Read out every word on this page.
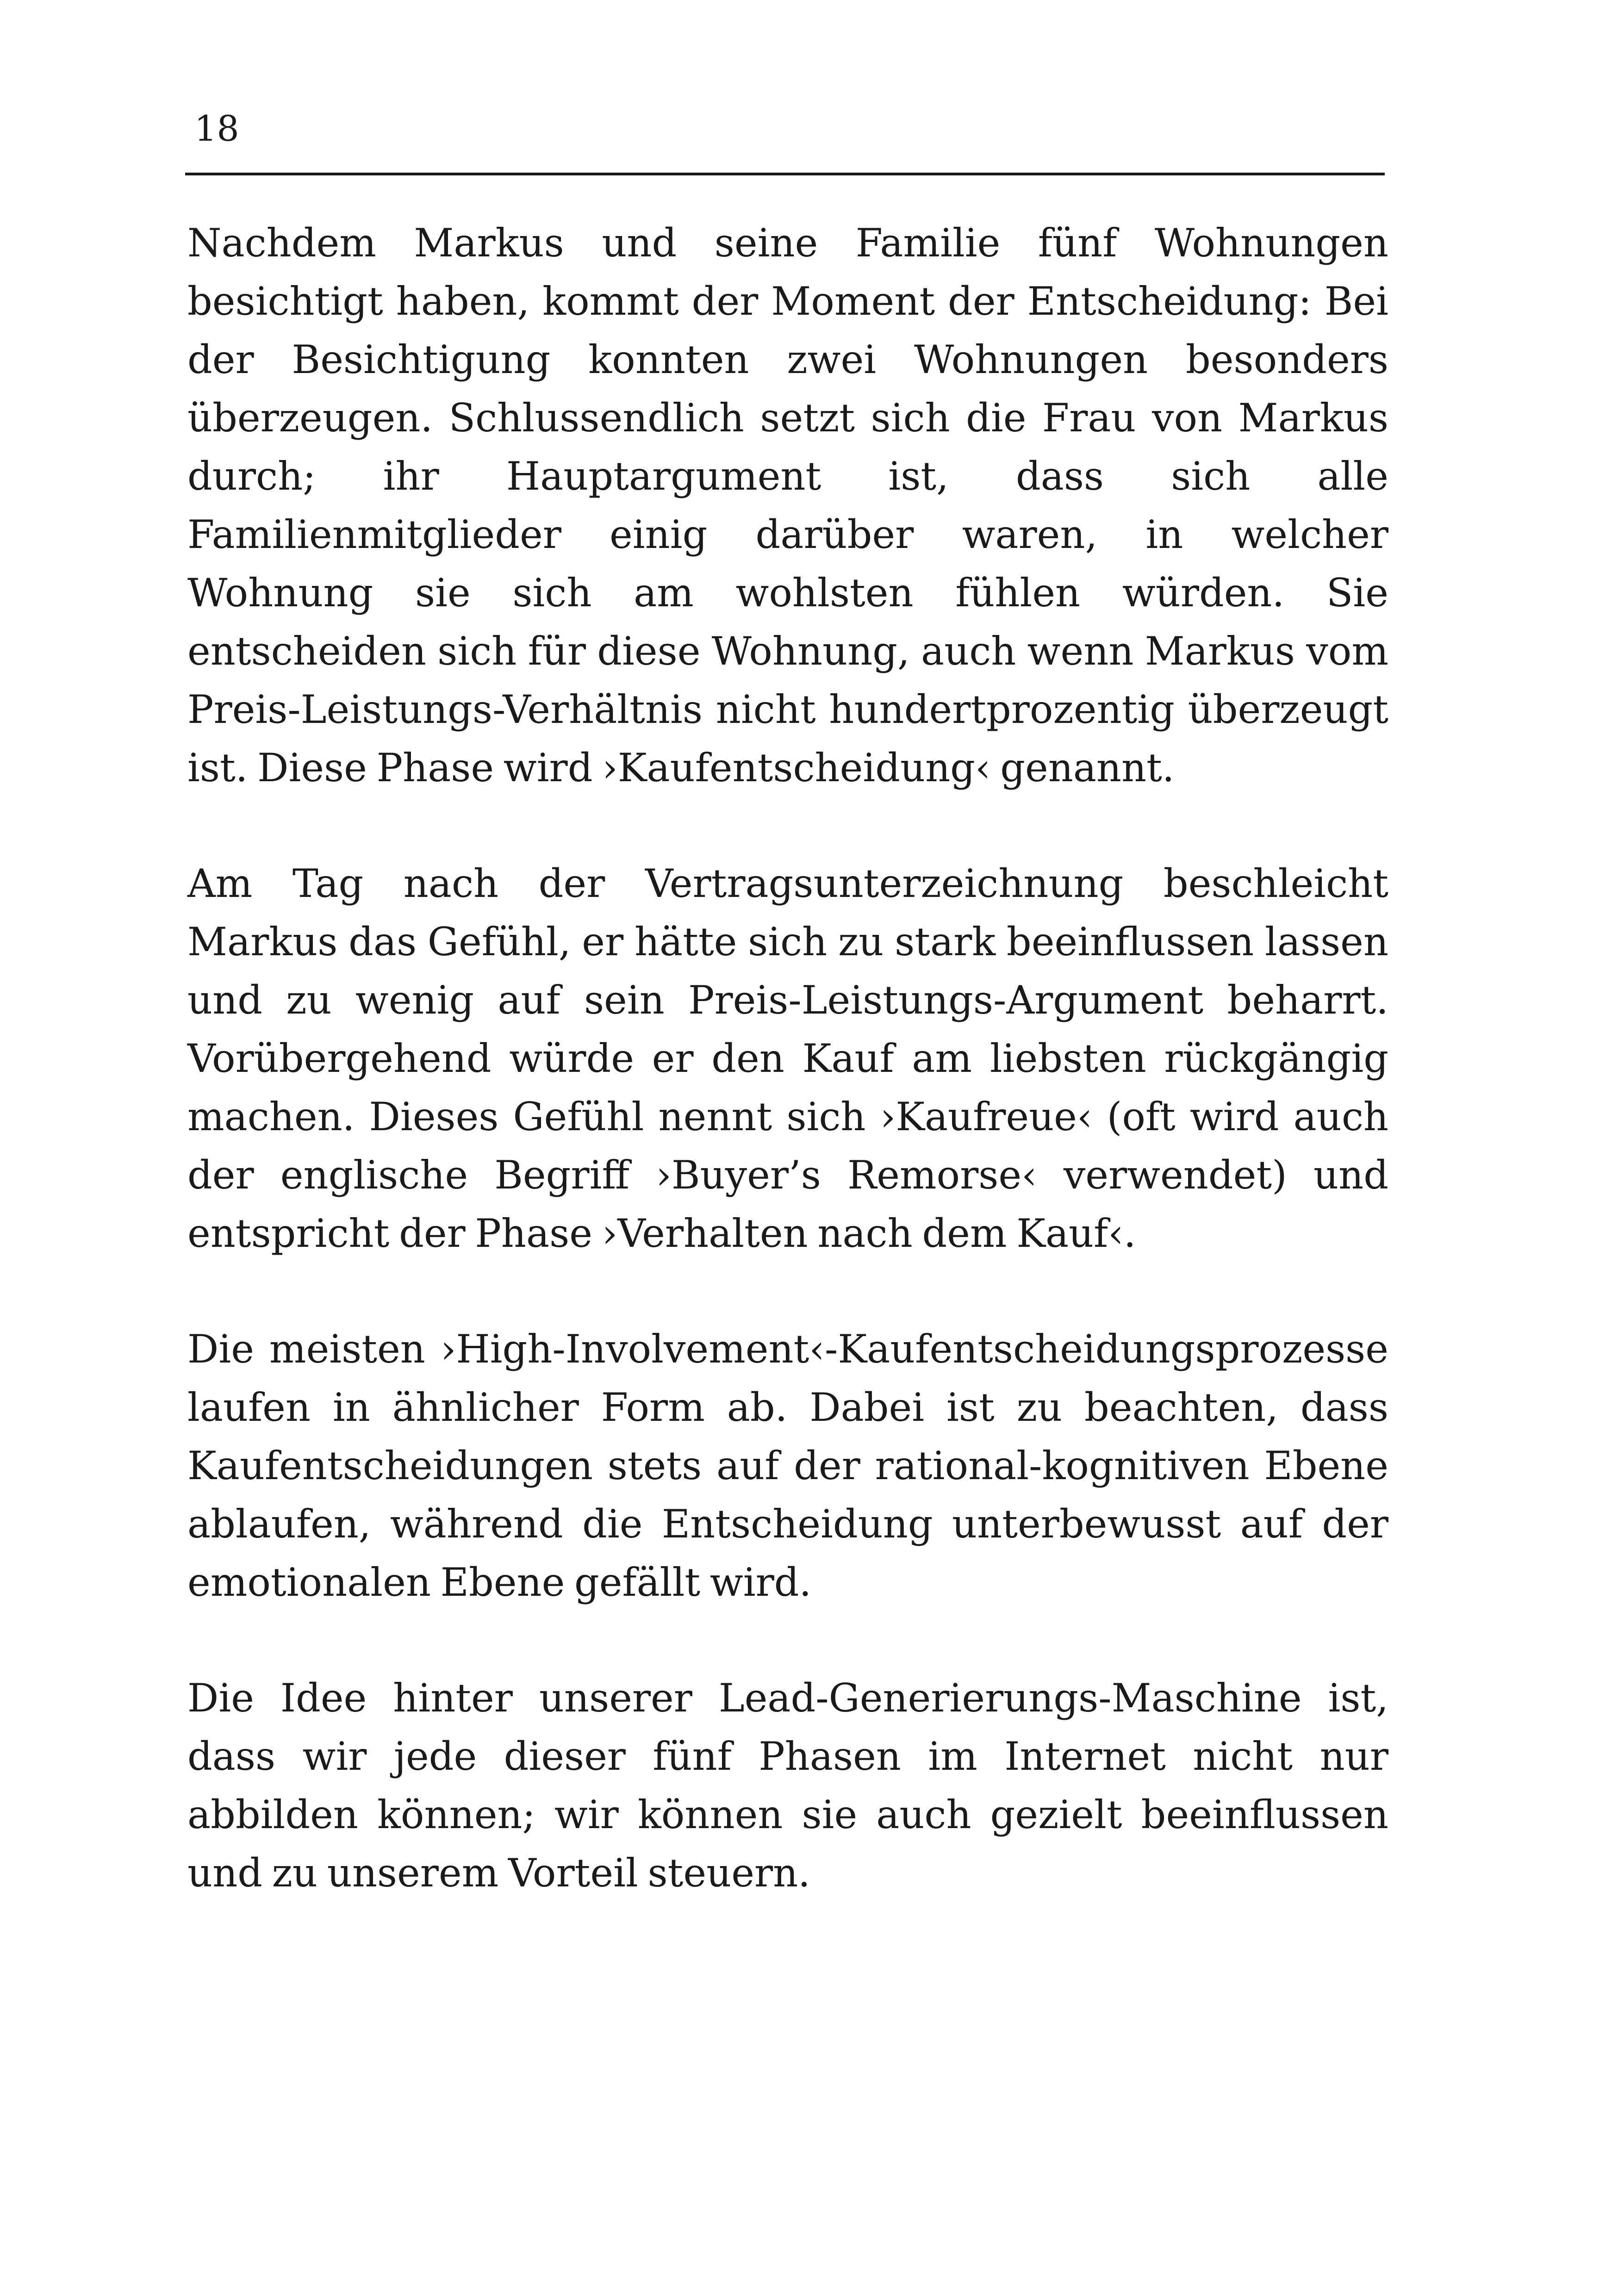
18

Nachdem Markus und seine Familie fünf Wohnungen besichtigt haben, kommt der Moment der Entscheidung: Bei der Besichtigung konnten zwei Wohnungen besonders überzeugen. Schlussendlich setzt sich die Frau von Markus durch; ihr Hauptargument ist, dass sich alle Familienmitglieder einig darüber waren, in welcher Wohnung sie sich am wohlsten fühlen würden. Sie entscheiden sich für diese Wohnung, auch wenn Markus vom Preis-Leistungs-Verhältnis nicht hundertprozentig überzeugt ist. Diese Phase wird ›Kaufentscheidung‹ genannt.

Am Tag nach der Vertragsunterzeichnung beschleicht Markus das Gefühl, er hätte sich zu stark beeinflussen lassen und zu wenig auf sein Preis-Leistungs-Argument beharrt. Vorübergehend würde er den Kauf am liebsten rückgängig machen. Dieses Gefühl nennt sich ›Kaufreue‹ (oft wird auch der englische Begriff ›Buyer’s Remorse‹ verwendet) und entspricht der Phase ›Verhalten nach dem Kauf‹.

Die meisten ›High-Involvement‹-Kaufentscheidungsprozesse laufen in ähnlicher Form ab. Dabei ist zu beachten, dass Kaufentscheidungen stets auf der rational-kognitiven Ebene ablaufen, während die Entscheidung unterbewusst auf der emotionalen Ebene gefällt wird.

Die Idee hinter unserer Lead-Generierungs-Maschine ist, dass wir jede dieser fünf Phasen im Internet nicht nur abbilden können; wir können sie auch gezielt beeinflussen und zu unserem Vorteil steuern.
